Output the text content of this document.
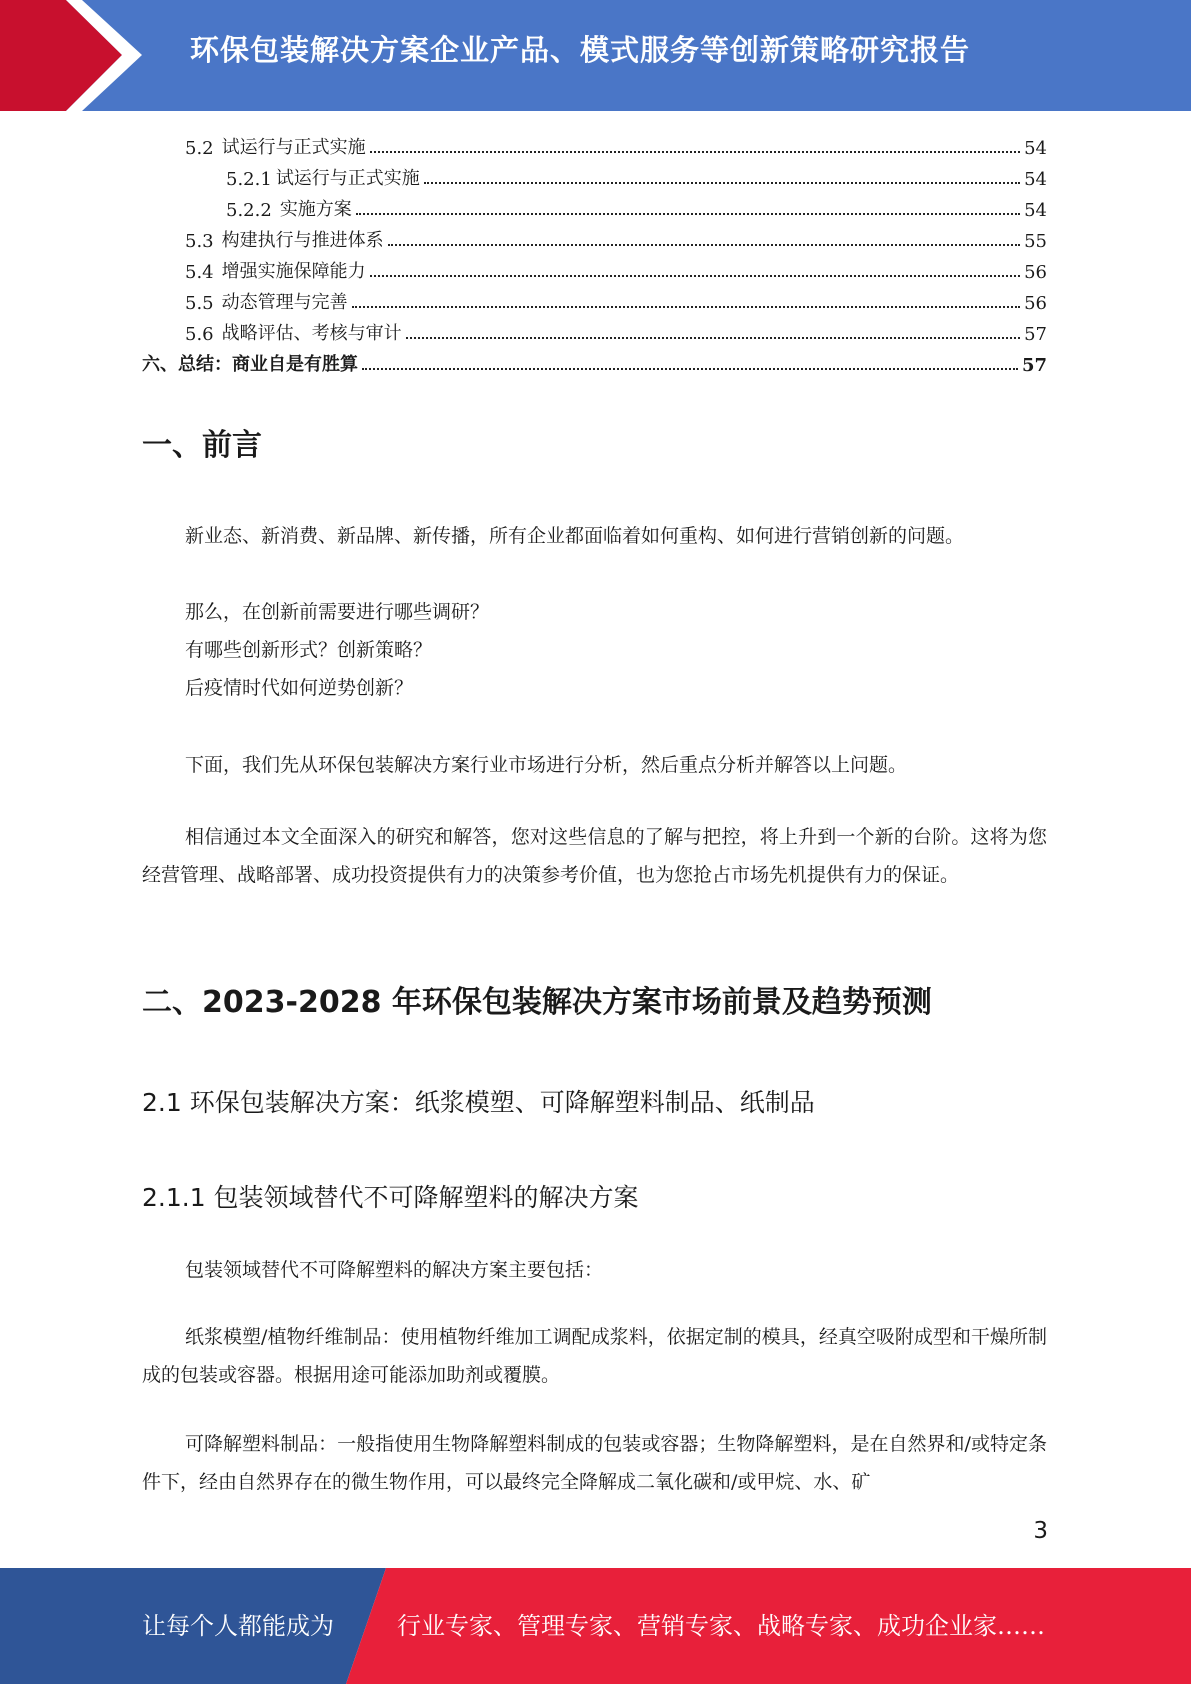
环保包装解决方案企业产品、模式服务等创新策略研究报告
5.2 试运行与正式实施	54
5.2.1 试运行与正式实施	54
5.2.2 实施方案	54
5.3 构建执行与推进体系	55
5.4 增强实施保障能力	56
5.5 动态管理与完善	56
5.6 战略评估、考核与审计	57
六、总结：商业自是有胜算	57
一、前言
新业态、新消费、新品牌、新传播，所有企业都面临着如何重构、如何进行营销创新的问题。
那么，在创新前需要进行哪些调研？
有哪些创新形式？创新策略？
后疫情时代如何逆势创新？
下面，我们先从环保包装解决方案行业市场进行分析，然后重点分析并解答以上问题。
相信通过本文全面深入的研究和解答，您对这些信息的了解与把控，将上升到一个新的台阶。这将为您经营管理、战略部署、成功投资提供有力的决策参考价值，也为您抢占市场先机提供有力的保证。
二、2023-2028 年环保包装解决方案市场前景及趋势预测
2.1 环保包装解决方案：纸浆模塑、可降解塑料制品、纸制品
2.1.1 包装领域替代不可降解塑料的解决方案
包装领域替代不可降解塑料的解决方案主要包括：
纸浆模塑/植物纤维制品：使用植物纤维加工调配成浆料，依据定制的模具，经真空吸附成型和干燥所制成的包装或容器。根据用途可能添加助剂或覆膜。
可降解塑料制品：一般指使用生物降解塑料制成的包装或容器；生物降解塑料，是在自然界和/或特定条件下，经由自然界存在的微生物作用，可以最终完全降解成二氧化碳和/或甲烷、水、矿
3
让每个人都能成为	行业专家、管理专家、营销专家、战略专家、成功企业家……
